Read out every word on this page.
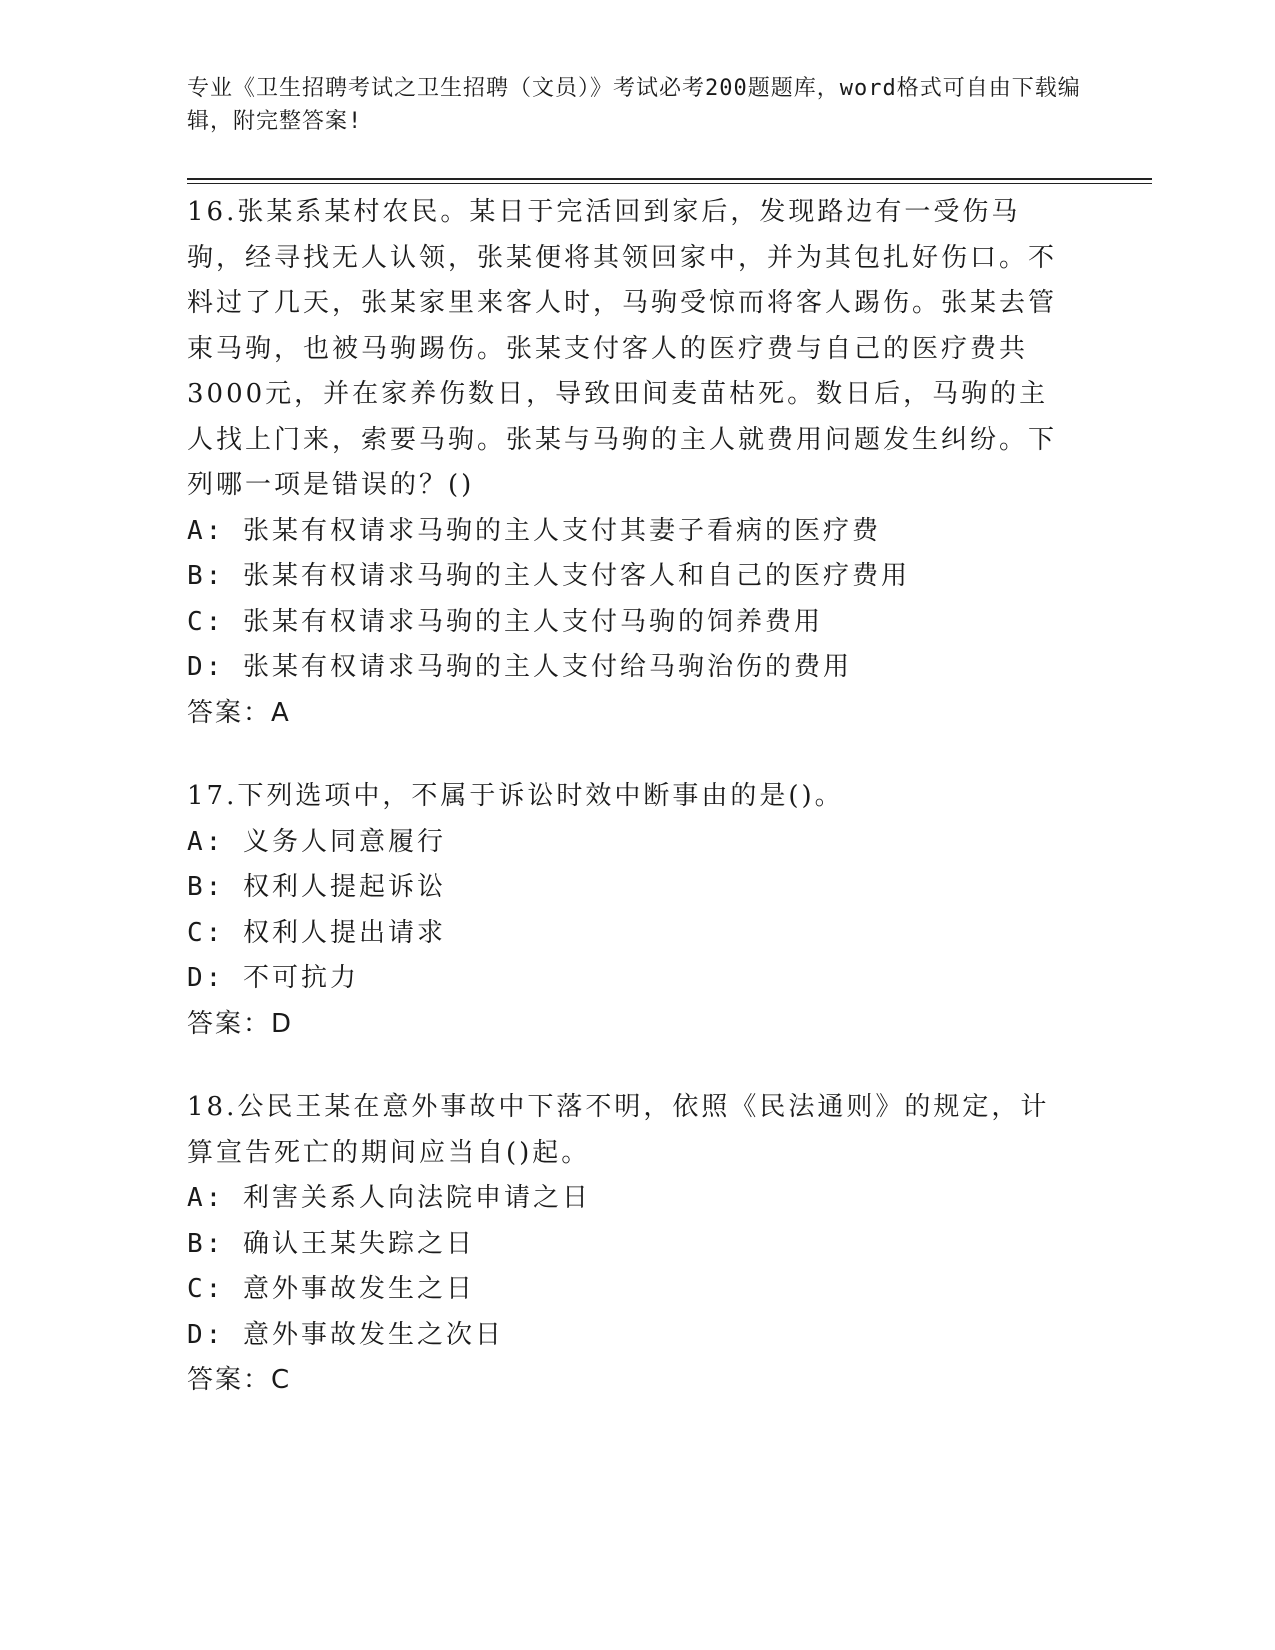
专业《卫生招聘考试之卫生招聘（文员）》考试必考200题题库，word格式可自由下载编辑，附完整答案!
16.张某系某村农民。某日于完活回到家后，发现路边有一受伤马驹，经寻找无人认领，张某便将其领回家中，并为其包扎好伤口。不料过了几天，张某家里来客人时，马驹受惊而将客人踢伤。张某去管束马驹，也被马驹踢伤。张某支付客人的医疗费与自己的医疗费共3000元，并在家养伤数日，导致田间麦苗枯死。数日后，马驹的主人找上门来，索要马驹。张某与马驹的主人就费用问题发生纠纷。下列哪一项是错误的？()
A: 张某有权请求马驹的主人支付其妻子看病的医疗费
B: 张某有权请求马驹的主人支付客人和自己的医疗费用
C: 张某有权请求马驹的主人支付马驹的饲养费用
D: 张某有权请求马驹的主人支付给马驹治伤的费用
答案：A
17.下列选项中，不属于诉讼时效中断事由的是()。
A: 义务人同意履行
B: 权利人提起诉讼
C: 权利人提出请求
D: 不可抗力
答案：D
18.公民王某在意外事故中下落不明，依照《民法通则》的规定，计算宣告死亡的期间应当自()起。
A: 利害关系人向法院申请之日
B: 确认王某失踪之日
C: 意外事故发生之日
D: 意外事故发生之次日
答案：C
